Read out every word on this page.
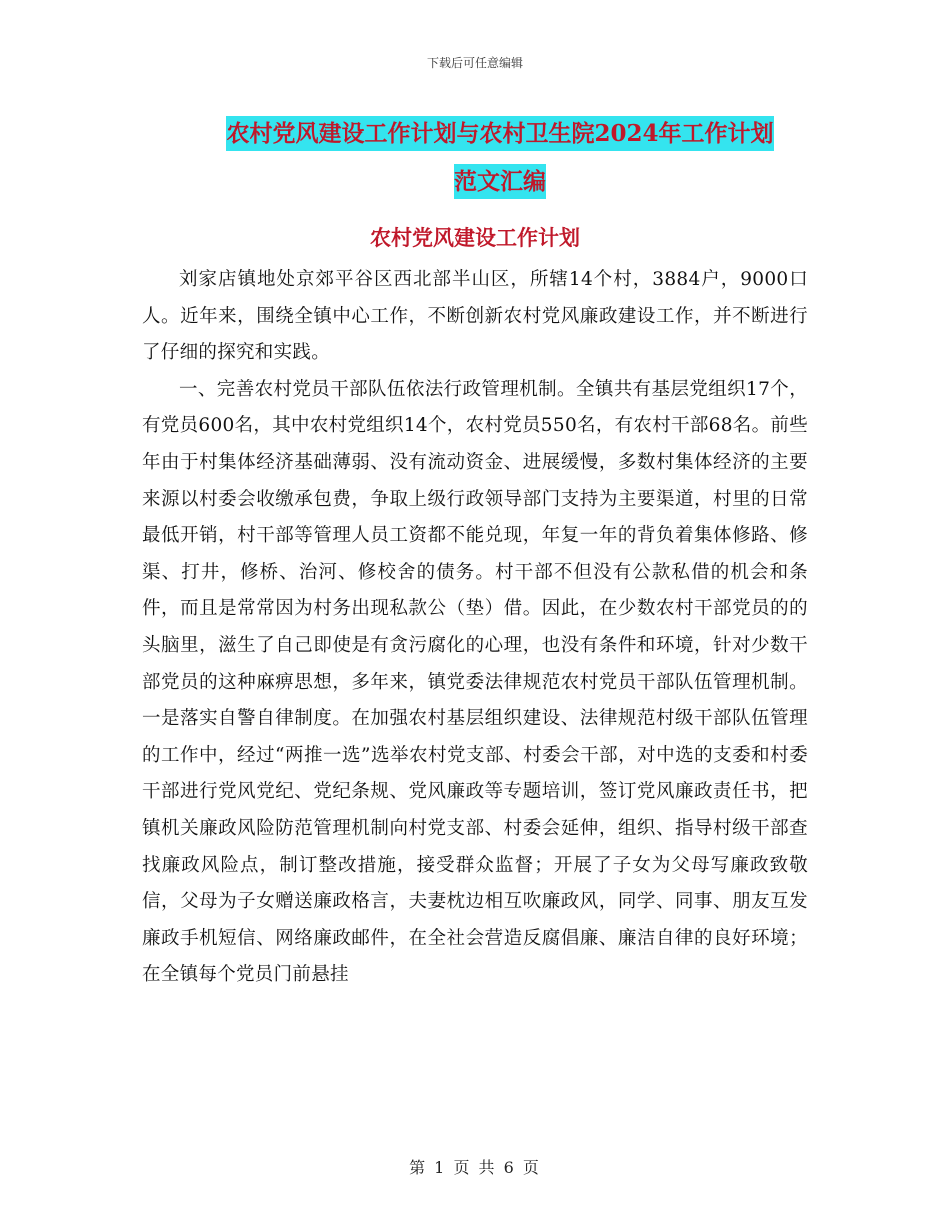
下载后可任意编辑
农村党风建设工作计划与农村卫生院2024年工作计划
范文汇编
农村党风建设工作计划

刘家店镇地处京郊平谷区西北部半山区，所辖14个村，3884户，9000口人。近年来，围绕全镇中心工作，不断创新农村党风廉政建设工作，并不断进行了仔细的探究和实践。

一、完善农村党员干部队伍依法行政管理机制。全镇共有基层党组织17个，有党员600名，其中农村党组织14个，农村党员550名，有农村干部68名。前些年由于村集体经济基础薄弱、没有流动资金、进展缓慢，多数村集体经济的主要来源以村委会收缴承包费，争取上级行政领导部门支持为主要渠道，村里的日常最低开销，村干部等管理人员工资都不能兑现，年复一年的背负着集体修路、修渠、打井，修桥、治河、修校舍的债务。村干部不但没有公款私借的机会和条件，而且是常常因为村务出现私款公（垫）借。因此，在少数农村干部党员的的头脑里，滋生了自己即使是有贪污腐化的心理，也没有条件和环境，针对少数干部党员的这种麻痹思想，多年来，镇党委法律规范农村党员干部队伍管理机制。一是落实自警自律制度。在加强农村基层组织建设、法律规范村级干部队伍管理的工作中，经过“两推一选”选举农村党支部、村委会干部，对中选的支委和村委干部进行党风党纪、党纪条规、党风廉政等专题培训，签订党风廉政责任书，把镇机关廉政风险防范管理机制向村党支部、村委会延伸，组织、指导村级干部查找廉政风险点，制订整改措施，接受群众监督；开展了子女为父母写廉政致敬信，父母为子女赠送廉政格言，夫妻枕边相互吹廉政风，同学、同事、朋友互发廉政手机短信、网络廉政邮件，在全社会营造反腐倡廉、廉洁自律的良好环境；在全镇每个党员门前悬挂

第 1 页 共 6 页
